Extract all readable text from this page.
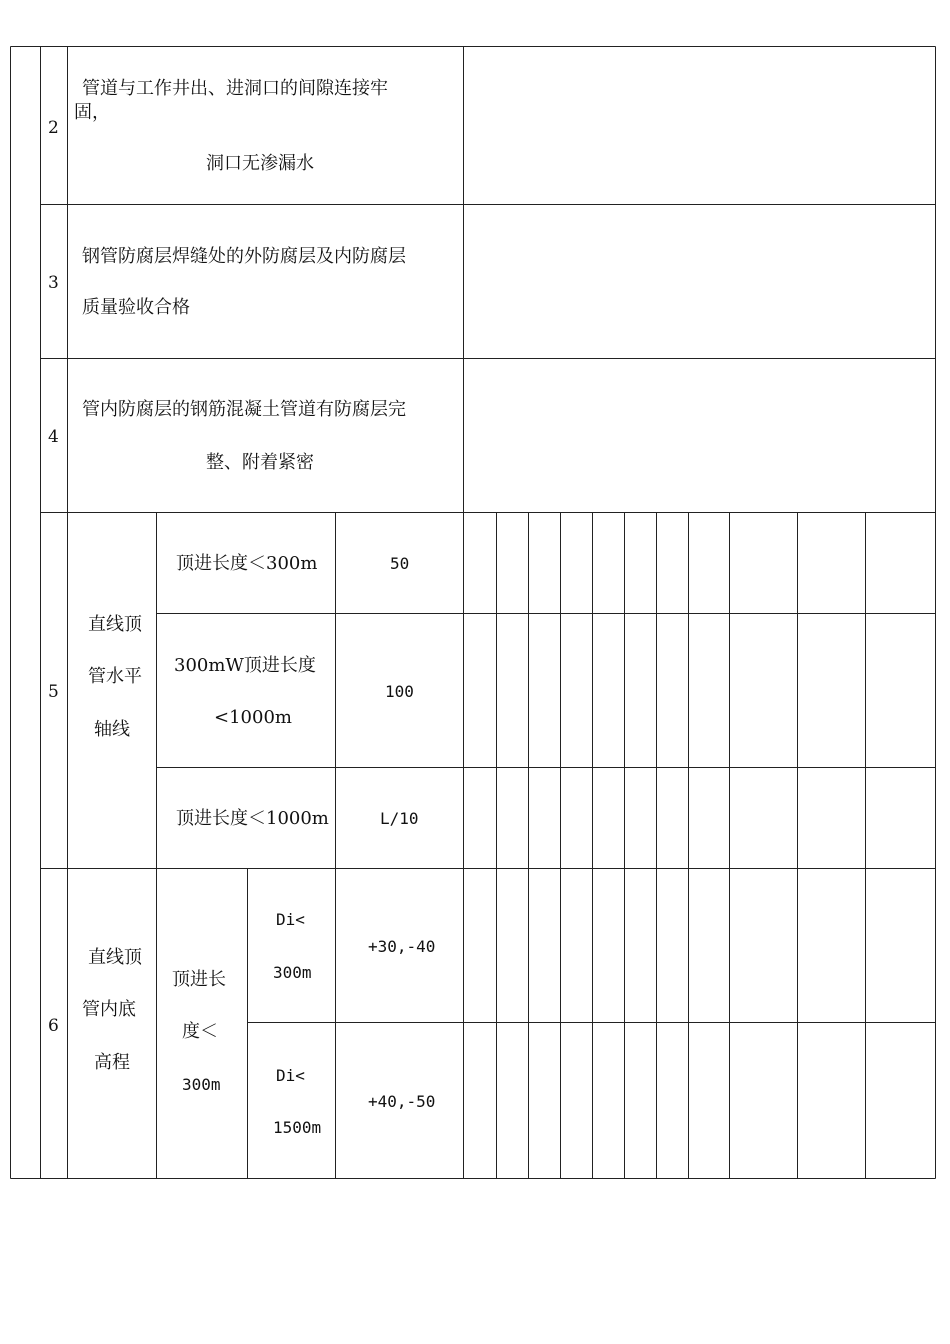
2
管道与工作井出、进洞口的间隙连接牢
固，
洞口无渗漏水
3
钢管防腐层焊缝处的外防腐层及内防腐层
质量验收合格
4
管内防腐层的钢筋混凝土管道有防腐层完
整、附着紧密
5
直线顶
管水平
轴线
顶进长度＜300m	50
300mW顶进长度
<1000m
100
顶进长度＜1000m	L/10
6
直线顶
管内底
高程
顶进长
度＜
300m
Di<
300m
+30,-40
Di<
1500m
+40,-50
